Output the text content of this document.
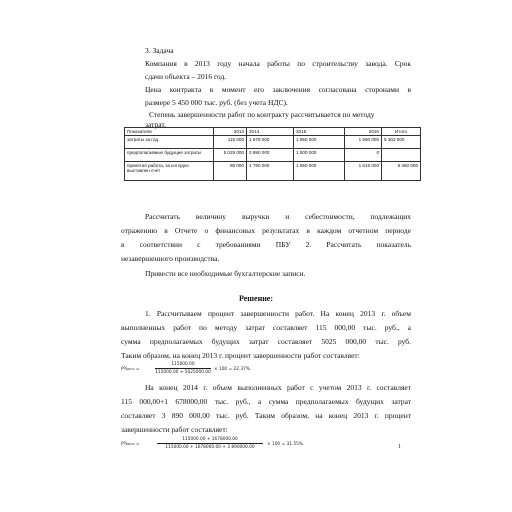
3. Задача
Компания в 2013 году начала работы по строительству завода. Срок
сдачи объекта – 2016 год.
Цена контракта в момент его заключения согласована сторонами в
размере 5 450 000 тыс. руб. (без учета НДС).
Степень завершенности работ по контракту рассчитывается по методу
затрат.
Показатели	2013	2014	2015	2016	Итого
затраты за год	115 000	1 678 000	1 950 000	1 560 000	5 303 000
предполагаемые будущие затраты	5 025 000	3 890 000	1 500 000	0	
принятая работа, за которую выставлен счет	95 000	1 790 000	1 950 000	1 615 000	5 450 000
Рассчитать величину выручки и себестоимости, подлежащих
отражению в Отчете о финансовых результатах в каждом отчетном периоде
в соответствии с требованиями ПБУ 2. Рассчитать показатель
незавершенного производства.
Привести все необходимые бухгалтерские записи.
Решение:
1. Рассчитываем процент завершенности работ. На конец 2013 г. объем
выполненных работ по методу затрат составляет 115 000,00 тыс. руб., а
сумма предполагаемых будущих затрат составляет 5025 000,00 тыс. руб.
Таким образом, на конец 2013 г. процент завершенности работ составляет:
P%₂₀₁₃ =
115000.00
115000.00 + 5025000.00
× 100 = 22.37%.
На конец 2014 г. объем выполненных работ с учетом 2013 г. составляет
115 000,00+1 678000,00 тыс. руб., а сумма предполагаемых будущих затрат
составляет 3 890 000,00 тыс. руб. Таким образом, на конец 2013 г. процент
завершенности работ составляет:
P%₂₀₁₄ =
115000.00 + 1678000.00
115000.00 + 1678000.00 + 3 890000.00
× 100 = 31.55%.	1
